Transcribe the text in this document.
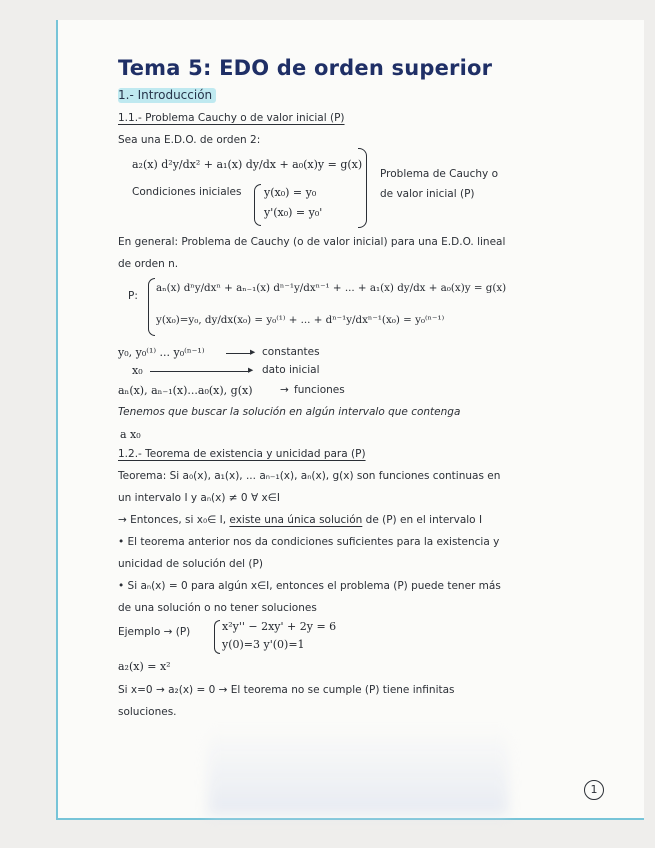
Tema 5: EDO de orden superior
1.- Introducción
1.1.- Problema Cauchy o de valor inicial (P)
Sea una E.D.O. de orden 2:
a₂(x) d²y/dx² + a₁(x) dy/dx + a₀(x)y = g(x)
Condiciones iniciales y(x₀) = y₀
y'(x₀) = y₀'
Problema de Cauchy o
de valor inicial (P)
En general: Problema de Cauchy (o de valor inicial) para una E.D.O. lineal
de orden n.
P:
aₙ(x) dⁿy/dxⁿ + aₙ₋₁(x) dⁿ⁻¹y/dxⁿ⁻¹ + ... + a₁(x) dy/dx + a₀(x)y = g(x)
y(x₀)=y₀, dy/dx(x₀) = y₀⁽¹⁾ + ... + dⁿ⁻¹y/dxⁿ⁻¹(x₀) = y₀⁽ⁿ⁻¹⁾
y₀, y₀⁽¹⁾ ... y₀⁽ⁿ⁻¹⁾	▸ constantes
x₀	▸ dato inicial
aₙ(x), aₙ₋₁(x)...a₀(x), g(x)	→ funciones
Tenemos que buscar la solución en algún intervalo que contenga
a x₀
1.2.- Teorema de existencia y unicidad para (P)
Teorema: Si a₀(x), a₁(x), ... aₙ₋₁(x), aₙ(x), g(x) son funciones continuas en
un intervalo I y aₙ(x) ≠ 0 ∀ x∈I
→ Entonces, si x₀∈ I, existe una única solución de (P) en el intervalo I
• El teorema anterior nos da condiciones suficientes para la existencia y
unicidad de solución del (P)
• Si aₙ(x) = 0 para algún x∈I, entonces el problema (P) puede tener más
de una solución o no tener soluciones
Ejemplo → (P)	x²y'' − 2xy' + 2y = 6
y(0)=3 y'(0)=1
a₂(x) = x²
Si x=0 → a₂(x) = 0 → El teorema no se cumple (P) tiene infinitas
soluciones.
1
